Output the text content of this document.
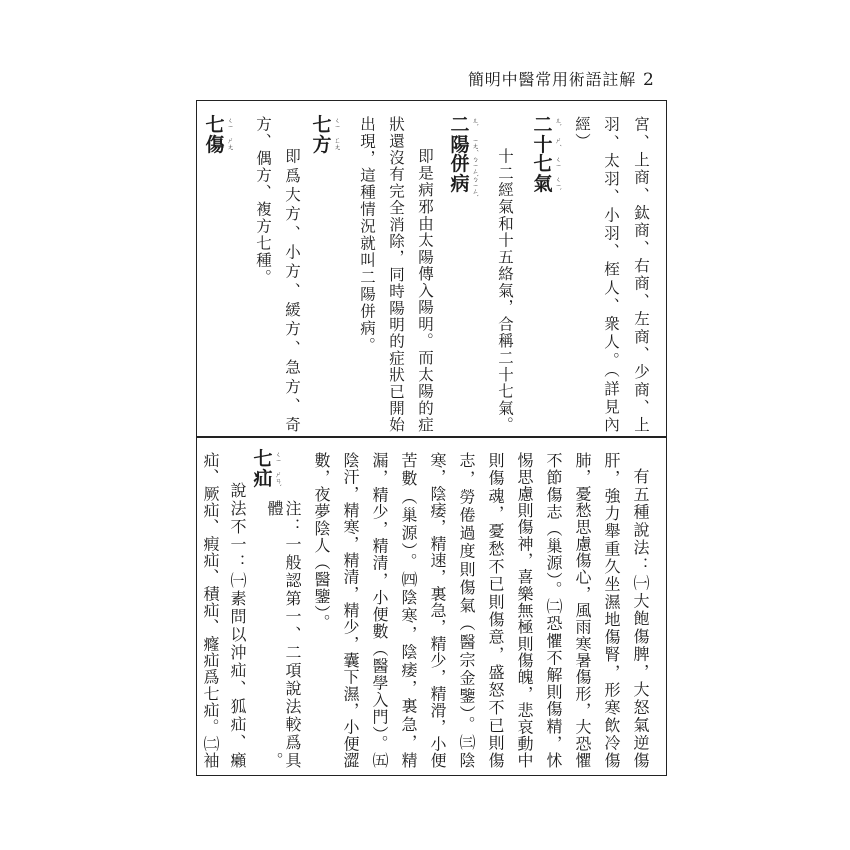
簡明中醫常用術語註解 2

宮、上商、鈦商、右商、左商、少商、上

羽、太羽、小羽、桎人、衆人。（詳見內

經）

二 ㄦˋ
十 ㄕˊ
七 ㄑㄧ
氣 ㄑㄧˋ

十二經氣和十五絡氣，合稱二十七氣。

二 ㄦˋ
陽 ㄧㄤˊ
併 ㄅㄧㄥˋ
病 ㄅㄧㄥˋ

即是病邪由太陽傳入陽明。而太陽的症

狀還沒有完全消除，同時陽明的症狀已開始

出現，這種情況就叫二陽併病。

七 ㄑㄧ
方 ㄈㄤ

即爲大方、小方、緩方、急方、奇

方、偶方、複方七種。

七 ㄑㄧ
傷 ㄕㄤ

有五種說法：㈠大飽傷脾，大怒氣逆傷

肝，強力舉重久坐濕地傷腎，形寒飲冷傷

肺，憂愁思慮傷心，風雨寒暑傷形，大恐懼

不節傷志（巢源）。㈡恐懼不解則傷精，怵

惕思慮則傷神，喜樂無極則傷魄，悲哀動中

則傷魂，憂愁不已則傷意，盛怒不已則傷

志，勞倦過度則傷氣（醫宗金鑒）。㈢陰

寒，陰痿，精速，裏急，精少，精滑，小便

苦數（巢源）。㈣陰寒，陰痿，裏急，精

漏，精少，精清，小便數（醫學入門）。㈤

陰汗，精寒，精清，精少，囊下濕，小便澀

數，夜夢陰人（醫鑒）。

注：一般認第一、二項說法較爲具體。

七 ㄑㄧ
疝 ㄕㄢˋ

說法不一：㈠素問以沖疝、狐疝、癩

疝、厥疝、瘕疝、積疝、癃疝爲七疝。㈡袖
